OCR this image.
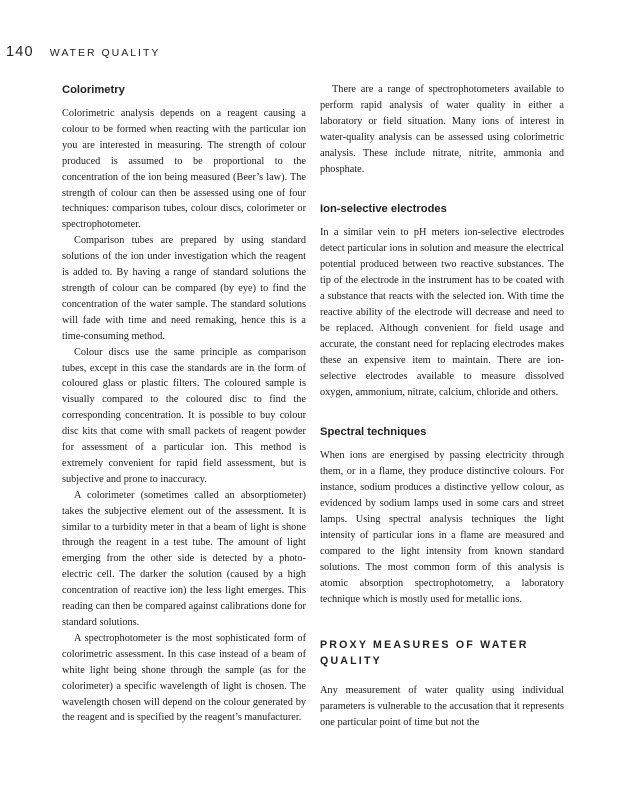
140 WATER QUALITY
Colorimetry

Colorimetric analysis depends on a reagent causing a colour to be formed when reacting with the particular ion you are interested in measuring. The strength of colour produced is assumed to be proportional to the concentration of the ion being measured (Beer’s law). The strength of colour can then be assessed using one of four techniques: comparison tubes, colour discs, colorimeter or spectrophotometer.

Comparison tubes are prepared by using standard solutions of the ion under investigation which the reagent is added to. By having a range of standard solutions the strength of colour can be compared (by eye) to find the concentration of the water sample. The standard solutions will fade with time and need remaking, hence this is a time-consuming method.

Colour discs use the same principle as comparison tubes, except in this case the standards are in the form of coloured glass or plastic filters. The coloured sample is visually compared to the coloured disc to find the corresponding concentration. It is possible to buy colour disc kits that come with small packets of reagent powder for assessment of a particular ion. This method is extremely convenient for rapid field assessment, but is subjective and prone to inaccuracy.

A colorimeter (sometimes called an absorptiometer) takes the subjective element out of the assessment. It is similar to a turbidity meter in that a beam of light is shone through the reagent in a test tube. The amount of light emerging from the other side is detected by a photo-electric cell. The darker the solution (caused by a high concentration of reactive ion) the less light emerges. This reading can then be compared against calibrations done for standard solutions.

A spectrophotometer is the most sophisticated form of colorimetric assessment. In this case instead of a beam of white light being shone through the sample (as for the colorimeter) a specific wavelength of light is chosen. The wavelength chosen will depend on the colour generated by the reagent and is specified by the reagent’s manufacturer.

There are a range of spectrophotometers available to perform rapid analysis of water quality in either a laboratory or field situation. Many ions of interest in water-quality analysis can be assessed using colorimetric analysis. These include nitrate, nitrite, ammonia and phosphate.

Ion-selective electrodes

In a similar vein to pH meters ion-selective electrodes detect particular ions in solution and measure the electrical potential produced between two reactive substances. The tip of the electrode in the instrument has to be coated with a substance that reacts with the selected ion. With time the reactive ability of the electrode will decrease and need to be replaced. Although convenient for field usage and accurate, the constant need for replacing electrodes makes these an expensive item to maintain. There are ion-selective electrodes available to measure dissolved oxygen, ammonium, nitrate, calcium, chloride and others.

Spectral techniques

When ions are energised by passing electricity through them, or in a flame, they produce distinctive colours. For instance, sodium produces a distinctive yellow colour, as evidenced by sodium lamps used in some cars and street lamps. Using spectral analysis techniques the light intensity of particular ions in a flame are measured and compared to the light intensity from known standard solutions. The most common form of this analysis is atomic absorption spectrophotometry, a laboratory technique which is mostly used for metallic ions.

PROXY MEASURES OF WATER QUALITY

Any measurement of water quality using individual parameters is vulnerable to the accusation that it represents one particular point of time but not the
